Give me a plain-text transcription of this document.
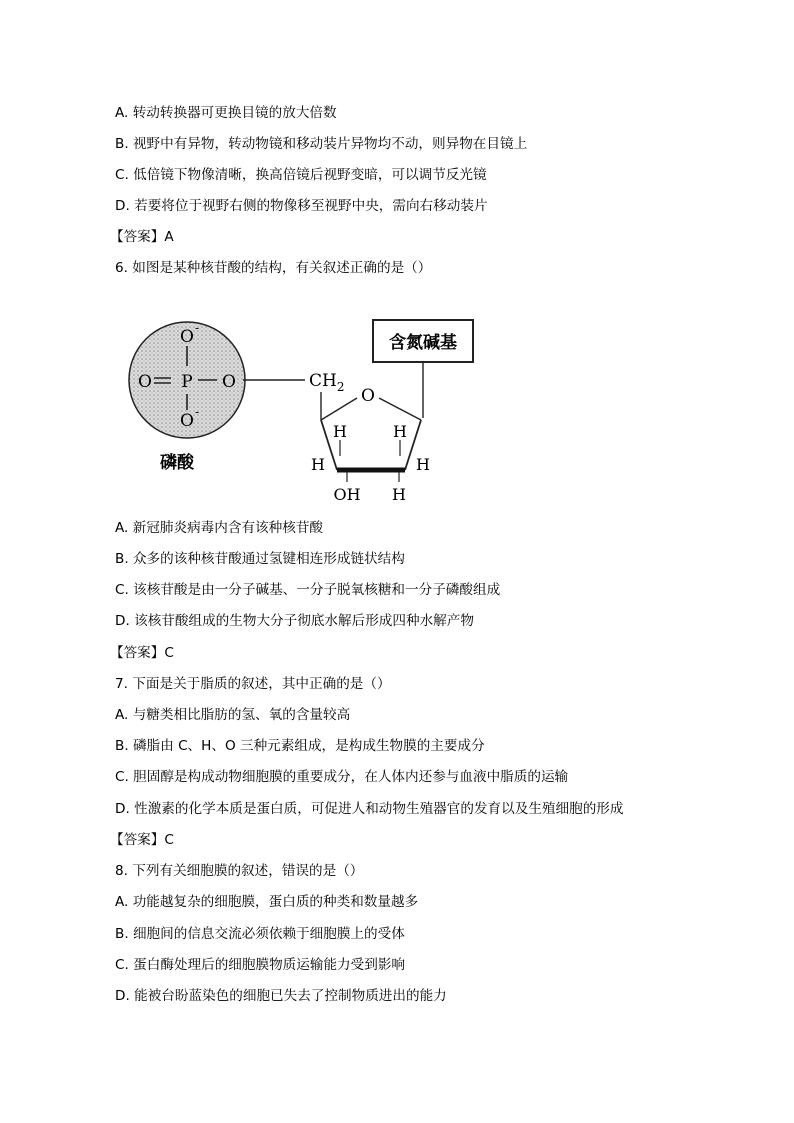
A. 转动转换器可更换目镜的放大倍数
B. 视野中有异物，转动物镜和移动装片异物均不动，则异物在目镜上
C. 低倍镜下物像清晰，换高倍镜后视野变暗，可以调节反光镜
D. 若要将位于视野右侧的物像移至视野中央，需向右移动装片
【答案】A
6. 如图是某种核苷酸的结构，有关叙述正确的是（）
O -
O P O
O -
磷酸
$CH_2$
含氮碱基
O
H	H
H	H
OH H
A. 新冠肺炎病毒内含有该种核苷酸
B. 众多的该种核苷酸通过氢键相连形成链状结构
C. 该核苷酸是由一分子碱基、一分子脱氧核糖和一分子磷酸组成
D. 该核苷酸组成的生物大分子彻底水解后形成四种水解产物
【答案】C
7. 下面是关于脂质的叙述，其中正确的是（）
A. 与糖类相比脂肪的氢、氧的含量较高
B. 磷脂由 C、H、O 三种元素组成，是构成生物膜的主要成分
C. 胆固醇是构成动物细胞膜的重要成分，在人体内还参与血液中脂质的运输
D. 性激素的化学本质是蛋白质，可促进人和动物生殖器官的发育以及生殖细胞的形成
【答案】C
8. 下列有关细胞膜的叙述，错误的是（）
A. 功能越复杂的细胞膜，蛋白质的种类和数量越多
B. 细胞间的信息交流必须依赖于细胞膜上的受体
C. 蛋白酶处理后的细胞膜物质运输能力受到影响
D. 能被台盼蓝染色的细胞已失去了控制物质进出的能力
